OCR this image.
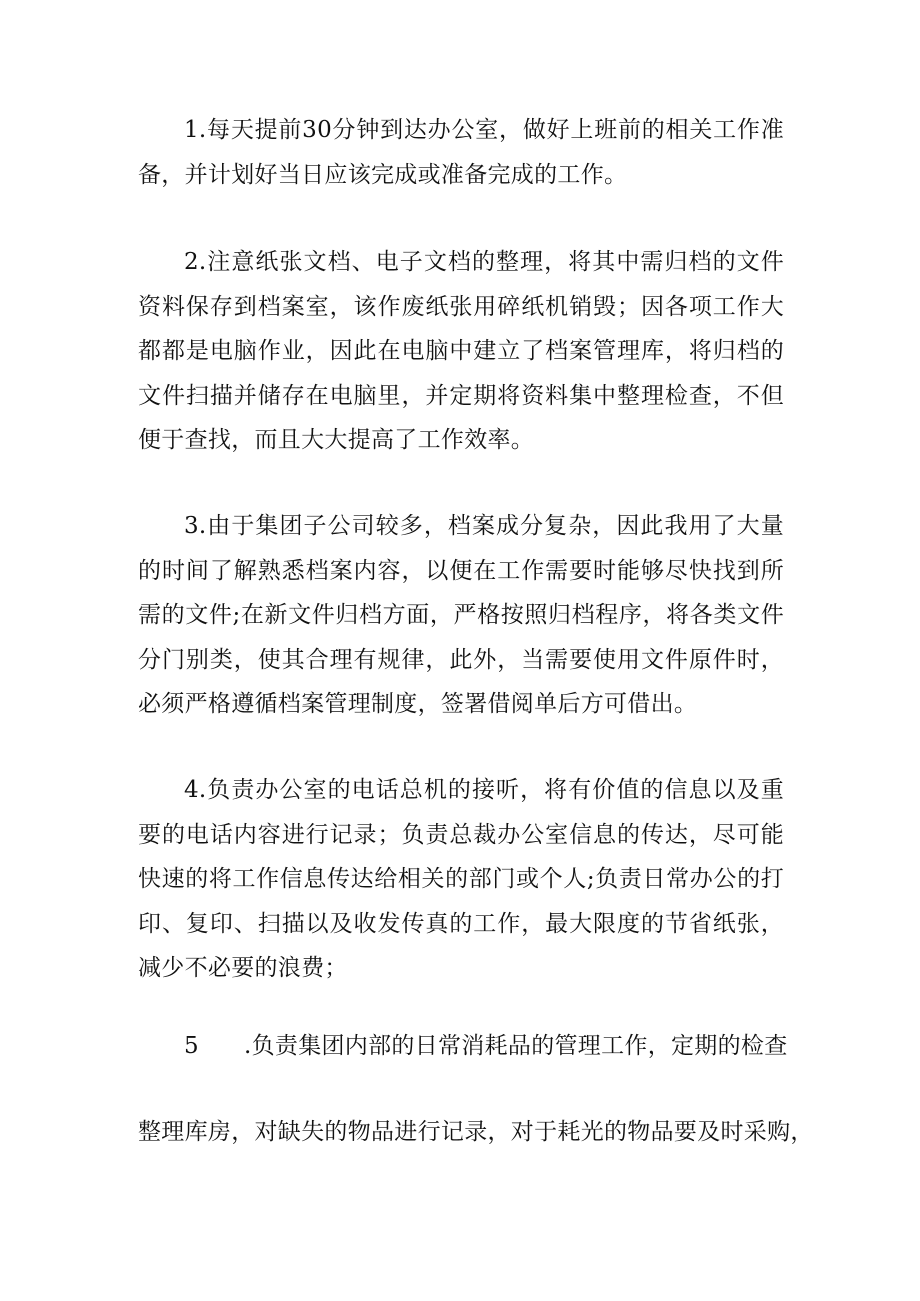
1.每天提前30分钟到达办公室，做好上班前的相关工作准备，并计划好当日应该完成或准备完成的工作。

2.注意纸张文档、电子文档的整理，将其中需归档的文件资料保存到档案室，该作废纸张用碎纸机销毁；因各项工作大都都是电脑作业，因此在电脑中建立了档案管理库，将归档的文件扫描并储存在电脑里，并定期将资料集中整理检查，不但便于查找，而且大大提高了工作效率。

3.由于集团子公司较多，档案成分复杂，因此我用了大量的时间了解熟悉档案内容，以便在工作需要时能够尽快找到所需的文件;在新文件归档方面，严格按照归档程序，将各类文件分门别类，使其合理有规律，此外，当需要使用文件原件时，必须严格遵循档案管理制度，签署借阅单后方可借出。

4.负责办公室的电话总机的接听，将有价值的信息以及重要的电话内容进行记录；负责总裁办公室信息的传达，尽可能快速的将工作信息传达给相关的部门或个人;负责日常办公的打印、复印、扫描以及收发传真的工作，最大限度的节省纸张，减少不必要的浪费；

5 .负责集团内部的日常消耗品的管理工作，定期的检查

整理库房，对缺失的物品进行记录，对于耗光的物品要及时采购，
